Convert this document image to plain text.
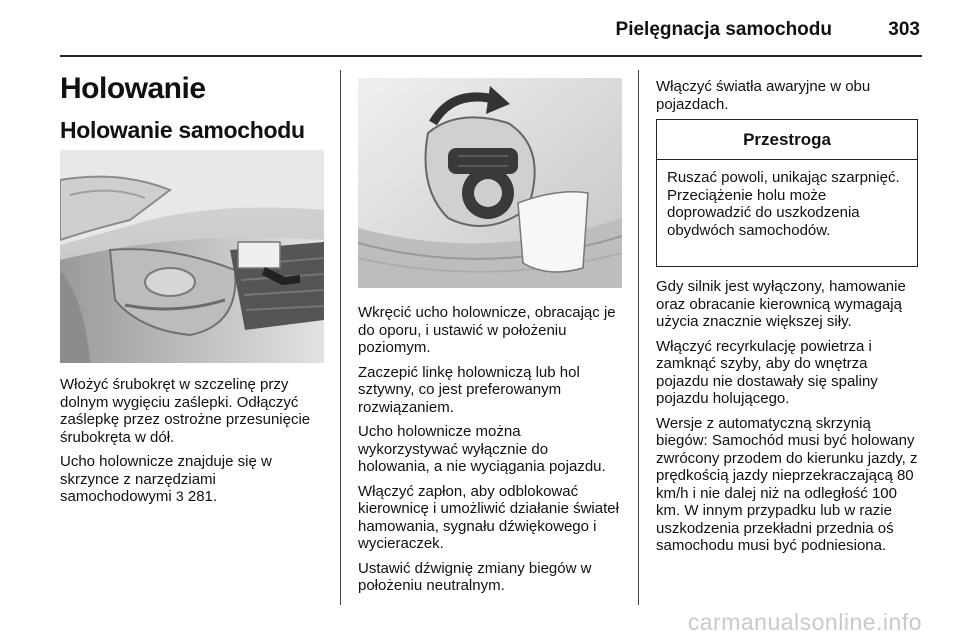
Pielęgnacja samochodu	303
Holowanie
Holowanie samochodu

Włożyć śrubokręt w szczelinę przy dolnym wygięciu zaślepki. Odłączyć zaślepkę przez ostrożne przesunięcie śrubokręta w dół.

Ucho holownicze znajduje się w skrzynce z narzędziami samochodowymi 3 281.

Wkręcić ucho holownicze, obracając je do oporu, i ustawić w położeniu poziomym.

Zaczepić linkę holowniczą lub hol sztywny, co jest preferowanym rozwiązaniem.

Ucho holownicze można wykorzystywać wyłącznie do holowania, a nie wyciągania pojazdu.

Włączyć zapłon, aby odblokować kierownicę i umożliwić działanie świateł hamowania, sygnału dźwiękowego i wycieraczek.

Ustawić dźwignię zmiany biegów w położeniu neutralnym.

Włączyć światła awaryjne w obu pojazdach.

Przestroga
Ruszać powoli, unikając szarpnięć. Przeciążenie holu może doprowadzić do uszkodzenia obydwóch samochodów.

Gdy silnik jest wyłączony, hamowanie oraz obracanie kierownicą wymagają użycia znacznie większej siły.

Włączyć recyrkulację powietrza i zamknąć szyby, aby do wnętrza pojazdu nie dostawały się spaliny pojazdu holującego.

Wersje z automatyczną skrzynią biegów: Samochód musi być holowany zwrócony przodem do kierunku jazdy, z prędkością jazdy nieprzekraczającą 80 km/h i nie dalej niż na odległość 100 km. W innym przypadku lub w razie uszkodzenia przekładni przednia oś samochodu musi być podniesiona.

carmanualsonline.info
